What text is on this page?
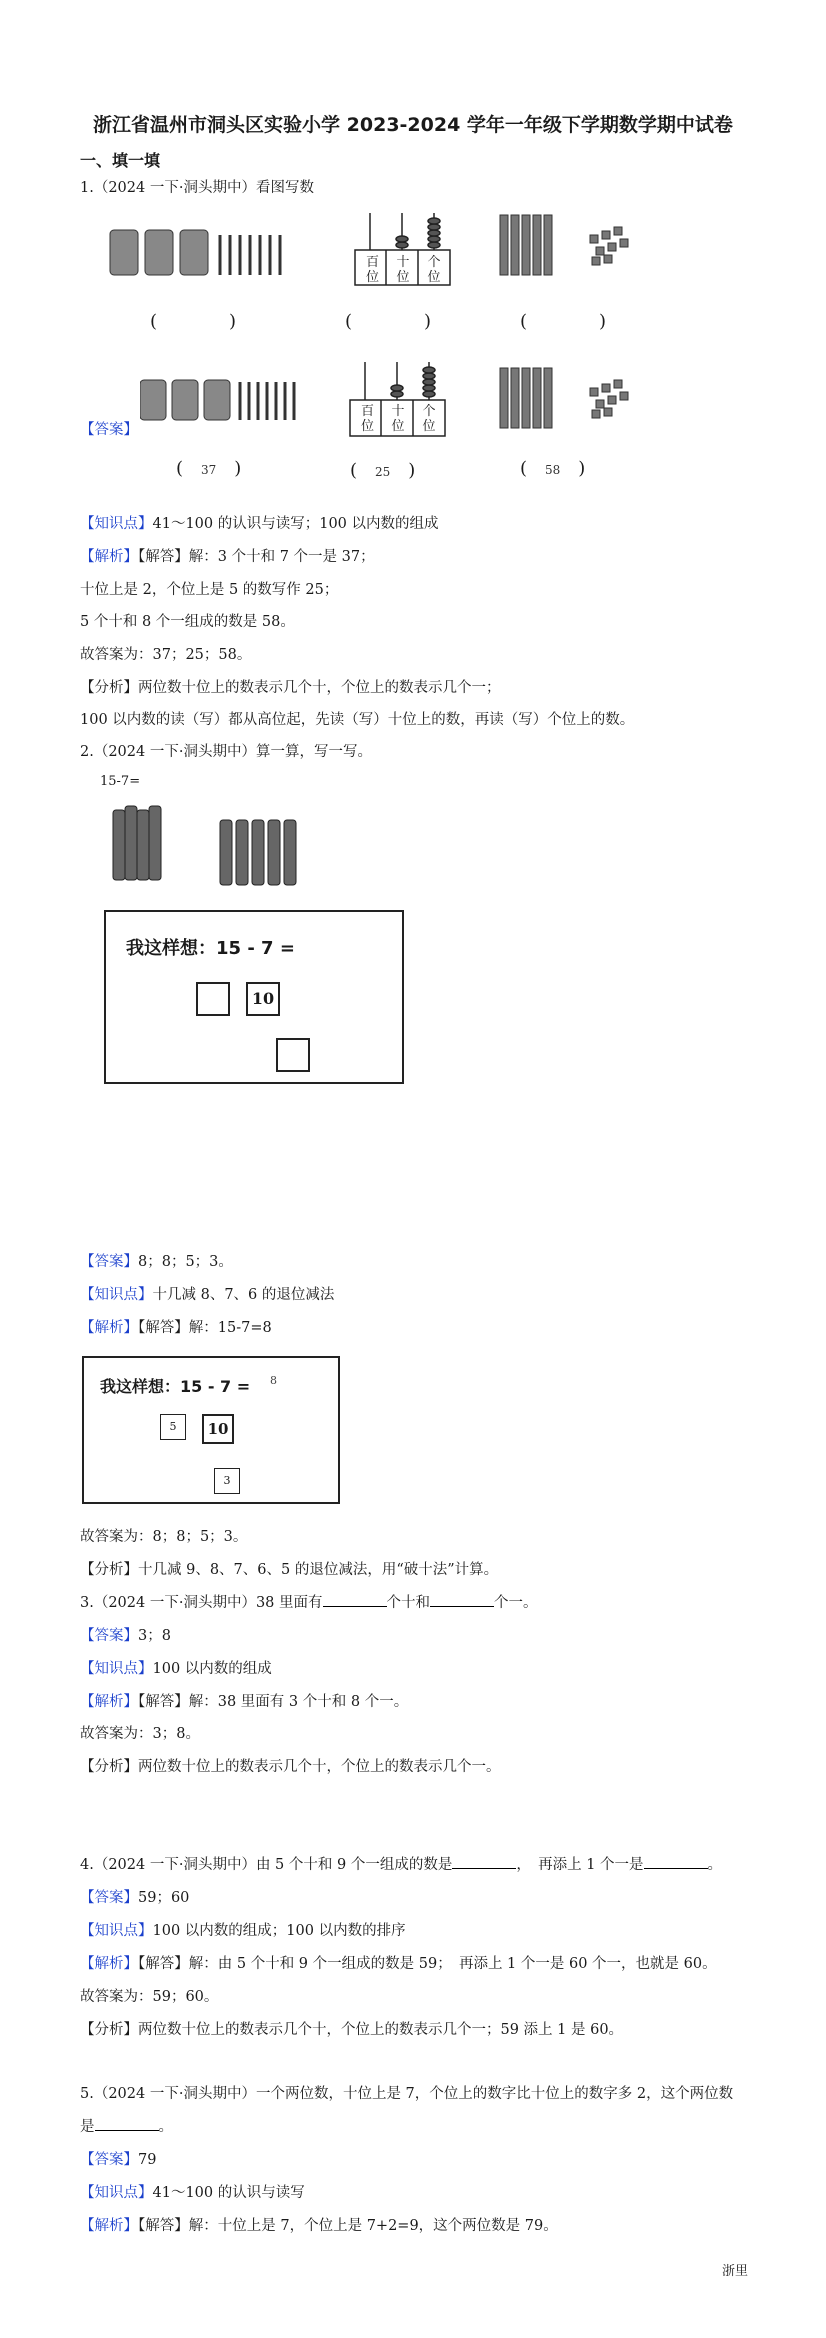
浙江省温州市洞头区实验小学 2023-2024 学年一年级下学期数学期中试卷
一、填一填
1.（2024 一下·洞头期中）看图写数
百
位
十
位
个
位
(　　　　)	(　　　　)	(　　　　)
【答案】
百
位
十
位
个
位
(　37　)	(　25　)	(　58　)
【知识点】41～100 的认识与读写；100 以内数的组成
【解析】【解答】解：3 个十和 7 个一是 37；
十位上是 2，个位上是 5 的数写作 25；
5 个十和 8 个一组成的数是 58。
故答案为：37；25；58。
【分析】两位数十位上的数表示几个十，个位上的数表示几个一；
100 以内数的读（写）都从高位起，先读（写）十位上的数，再读（写）个位上的数。
2.（2024 一下·洞头期中）算一算，写一写。
15-7=
我这样想：15 - 7 =
10
【答案】8；8；5；3。
【知识点】十几减 8、7、6 的退位减法
【解析】【解答】解：15-7=8
我这样想：15 - 7 = 8
5	10
3
故答案为：8；8；5；3。
【分析】十几减 9、8、7、6、5 的退位减法，用“破十法”计算。
3.（2024 一下·洞头期中）38 里面有	个十和	个一。
【答案】3；8
【知识点】100 以内数的组成
【解析】【解答】解：38 里面有 3 个十和 8 个一。
故答案为：3；8。
【分析】两位数十位上的数表示几个十，个位上的数表示几个一。
4.（2024 一下·洞头期中）由 5 个十和 9 个一组成的数是	，　再添上 1 个一是	。
【答案】59；60
【知识点】100 以内数的组成；100 以内数的排序
【解析】【解答】解：由 5 个十和 9 个一组成的数是 59；　再添上 1 个一是 60 个一，也就是 60。
故答案为：59；60。
【分析】两位数十位上的数表示几个十，个位上的数表示几个一；59 添上 1 是 60。
5.（2024 一下·洞头期中）一个两位数，十位上是 7，个位上的数字比十位上的数字多 2，这个两位数
是	。
【答案】79
【知识点】41～100 的认识与读写
【解析】【解答】解：十位上是 7，个位上是 7+2=9，这个两位数是 79。
浙里
